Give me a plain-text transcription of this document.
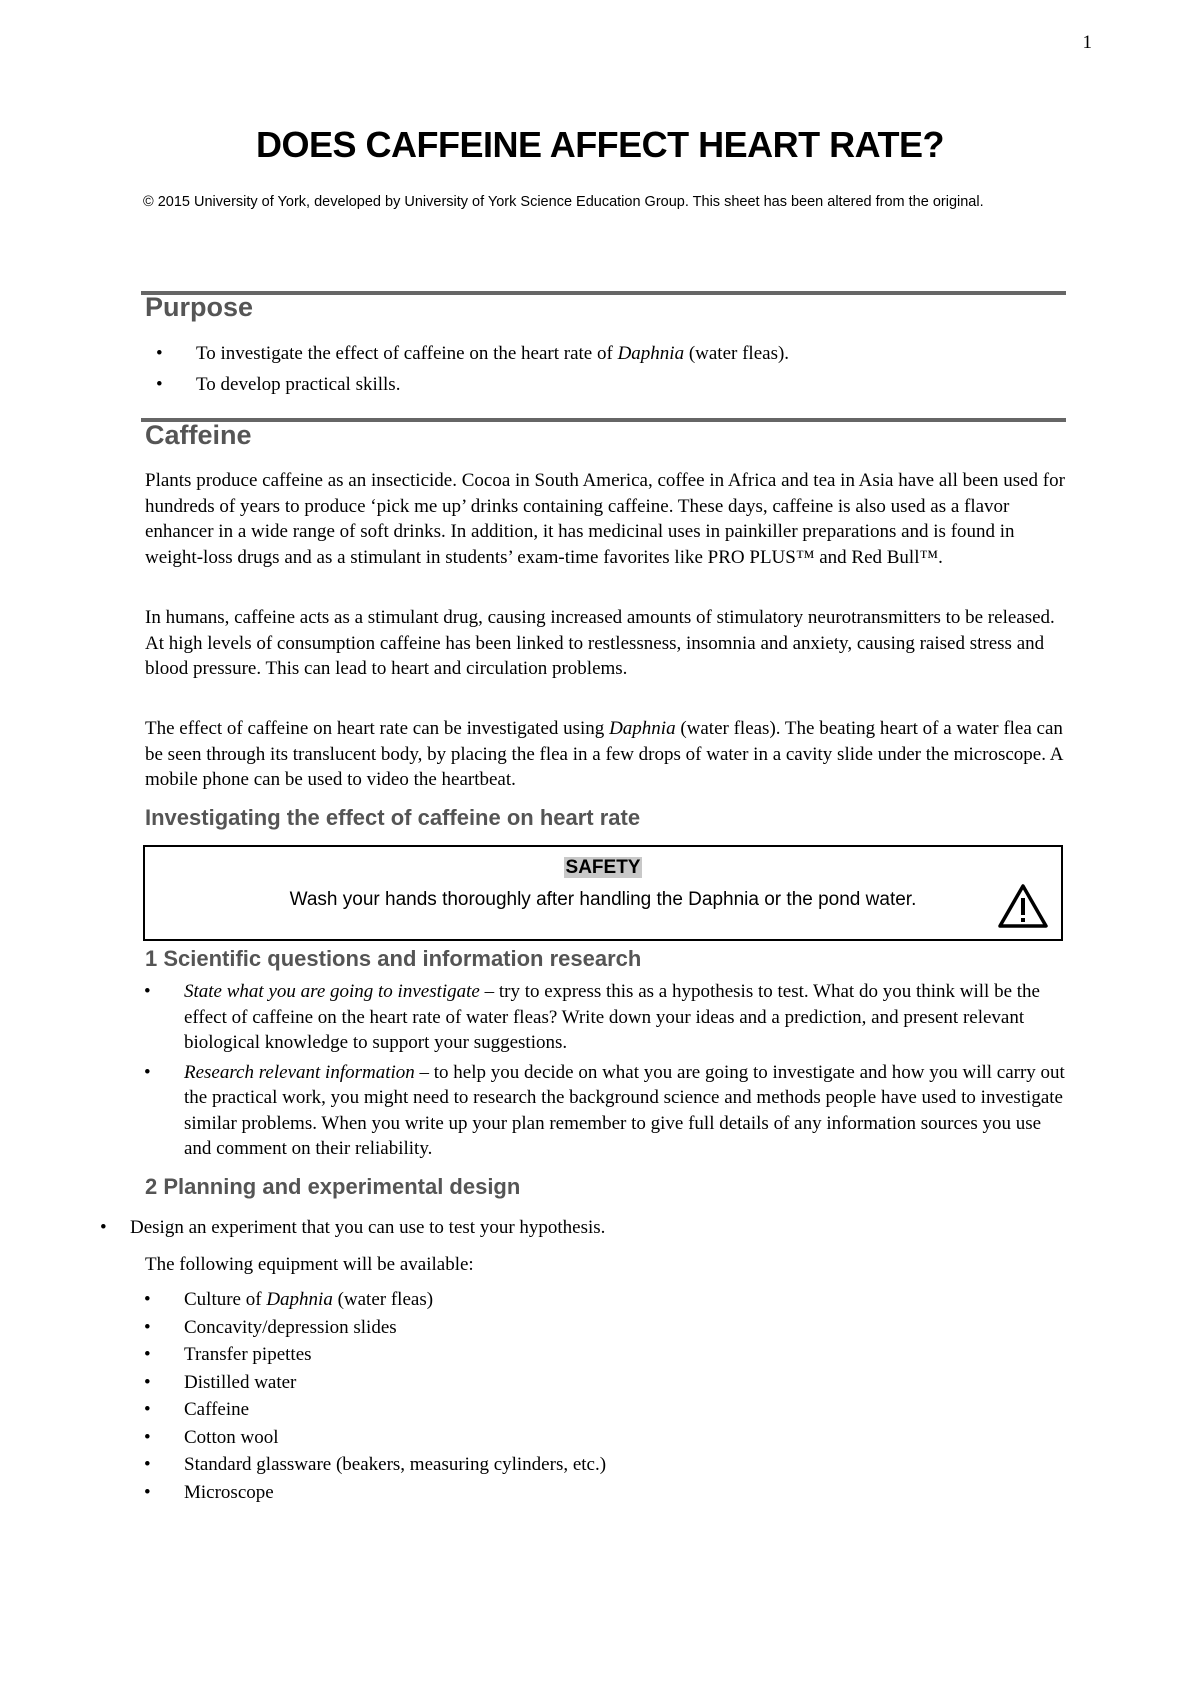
1
DOES CAFFEINE AFFECT HEART RATE?

© 2015 University of York, developed by University of York Science Education Group. This sheet has been altered from the original.

Purpose
• To investigate the effect of caffeine on the heart rate of Daphnia (water fleas).
• To develop practical skills.
Caffeine

Plants produce caffeine as an insecticide. Cocoa in South America, coffee in Africa and tea in Asia have all been used for hundreds of years to produce ‘pick me up’ drinks containing caffeine. These days, caffeine is also used as a flavor enhancer in a wide range of soft drinks. In addition, it has medicinal uses in painkiller preparations and is found in weight-loss drugs and as a stimulant in students’ exam-time favorites like PRO PLUS™ and Red Bull™.

In humans, caffeine acts as a stimulant drug, causing increased amounts of stimulatory neurotransmitters to be released. At high levels of consumption caffeine has been linked to restlessness, insomnia and anxiety, causing raised stress and blood pressure. This can lead to heart and circulation problems.

The effect of caffeine on heart rate can be investigated using Daphnia (water fleas). The beating heart of a water flea can be seen through its translucent body, by placing the flea in a few drops of water in a cavity slide under the microscope. A mobile phone can be used to video the heartbeat.

Investigating the effect of caffeine on heart rate

SAFETY

Wash your hands thoroughly after handling the Daphnia or the pond water.

1 Scientific questions and information research
• State what you are going to investigate – try to express this as a hypothesis to test. What do you think will be the effect of caffeine on the heart rate of water fleas? Write down your ideas and a prediction, and present relevant biological knowledge to support your suggestions.
• Research relevant information – to help you decide on what you are going to investigate and how you will carry out the practical work, you might need to research the background science and methods people have used to investigate similar problems. When you write up your plan remember to give full details of any information sources you use and comment on their reliability.
2 Planning and experimental design
• Design an experiment that you can use to test your hypothesis.

The following equipment will be available:

• Culture of Daphnia (water fleas)
• Concavity/depression slides
• Transfer pipettes
• Distilled water
• Caffeine
• Cotton wool
• Standard glassware (beakers, measuring cylinders, etc.)
• Microscope
